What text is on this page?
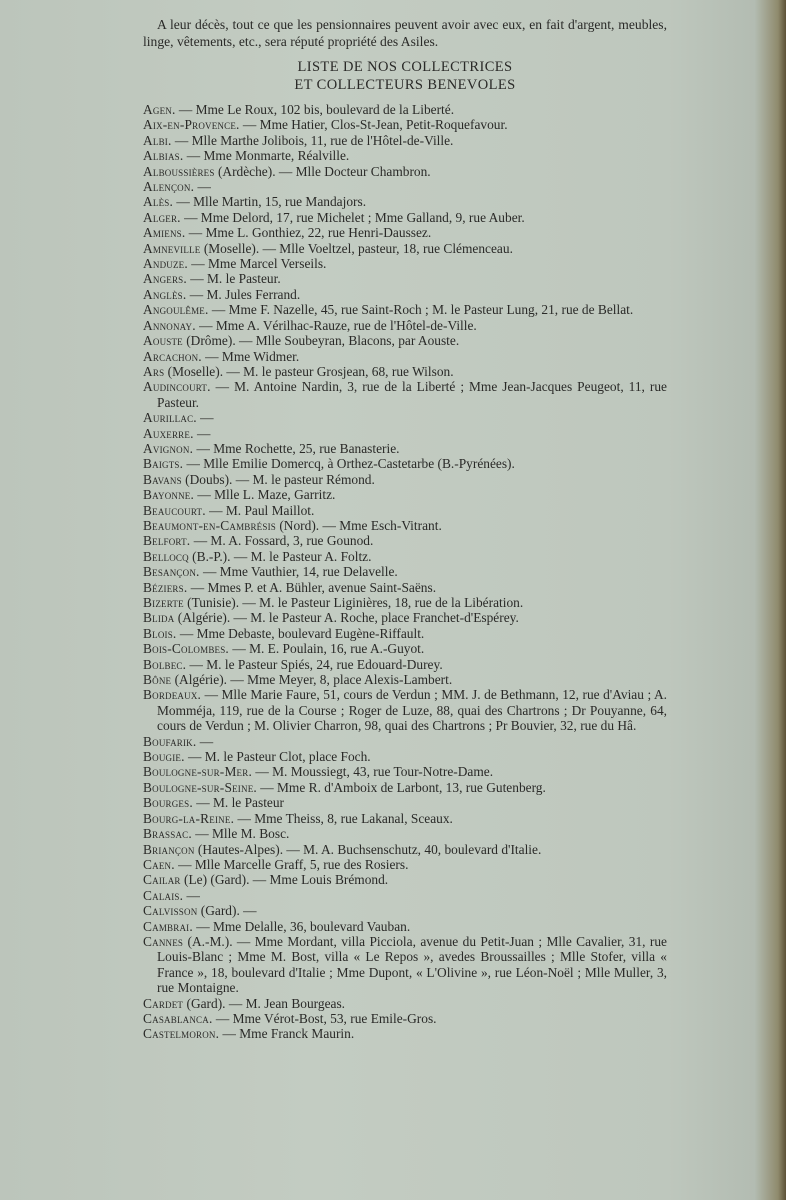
A leur décès, tout ce que les pensionnaires peuvent avoir avec eux, en fait d'argent, meubles, linge, vêtements, etc., sera réputé propriété des Asiles.

LISTE DE NOS COLLECTRICES
ET COLLECTEURS BENEVOLES

Agen. — Mme Le Roux, 102 bis, boulevard de la Liberté.

Aix-en-Provence. — Mme Hatier, Clos-St-Jean, Petit-Roquefavour.

Albi. — Mlle Marthe Jolibois, 11, rue de l'Hôtel-de-Ville.

Albias. — Mme Monmarte, Réalville.

Alboussières (Ardèche). — Mlle Docteur Chambron.

Alençon. —

Alès. — Mlle Martin, 15, rue Mandajors.

Alger. — Mme Delord, 17, rue Michelet ; Mme Galland, 9, rue Auber.

Amiens. — Mme L. Gonthiez, 22, rue Henri-Daussez.

Amneville (Moselle). — Mlle Voeltzel, pasteur, 18, rue Clémenceau.

Anduze. — Mme Marcel Verseils.

Angers. — M. le Pasteur.

Anglès. — M. Jules Ferrand.

Angoulême. — Mme F. Nazelle, 45, rue Saint-Roch ; M. le Pasteur Lung, 21, rue de Bellat.

Annonay. — Mme A. Vérilhac-Rauze, rue de l'Hôtel-de-Ville.

Aouste (Drôme). — Mlle Soubeyran, Blacons, par Aouste.

Arcachon. — Mme Widmer.

Ars (Moselle). — M. le pasteur Grosjean, 68, rue Wilson.

Audincourt. — M. Antoine Nardin, 3, rue de la Liberté ; Mme Jean-Jacques Peugeot, 11, rue Pasteur.

Aurillac. —

Auxerre. —

Avignon. — Mme Rochette, 25, rue Banasterie.

Baigts. — Mlle Emilie Domercq, à Orthez-Castetarbe (B.-Pyrénées).

Bavans (Doubs). — M. le pasteur Rémond.

Bayonne. — Mlle L. Maze, Garritz.

Beaucourt. — M. Paul Maillot.

Beaumont-en-Cambrésis (Nord). — Mme Esch-Vitrant.

Belfort. — M. A. Fossard, 3, rue Gounod.

Bellocq (B.-P.). — M. le Pasteur A. Foltz.

Besançon. — Mme Vauthier, 14, rue Delavelle.

Béziers. — Mmes P. et A. Bühler, avenue Saint-Saëns.

Bizerte (Tunisie). — M. le Pasteur Liginières, 18, rue de la Libération.

Blida (Algérie). — M. le Pasteur A. Roche, place Franchet-d'Espérey.

Blois. — Mme Debaste, boulevard Eugène-Riffault.

Bois-Colombes. — M. E. Poulain, 16, rue A.-Guyot.

Bolbec. — M. le Pasteur Spiés, 24, rue Edouard-Durey.

Bône (Algérie). — Mme Meyer, 8, place Alexis-Lambert.

Bordeaux. — Mlle Marie Faure, 51, cours de Verdun ; MM. J. de Bethmann, 12, rue d'Aviau ; A. Momméja, 119, rue de la Course ; Roger de Luze, 88, quai des Chartrons ; Dr Pouyanne, 64, cours de Verdun ; M. Olivier Charron, 98, quai des Chartrons ; Pr Bouvier, 32, rue du Hâ.

Boufarik. —

Bougie. — M. le Pasteur Clot, place Foch.

Boulogne-sur-Mer. — M. Moussiegt, 43, rue Tour-Notre-Dame.

Boulogne-sur-Seine. — Mme R. d'Amboix de Larbont, 13, rue Gutenberg.

Bourges. — M. le Pasteur

Bourg-la-Reine. — Mme Theiss, 8, rue Lakanal, Sceaux.

Brassac. — Mlle M. Bosc.

Briançon (Hautes-Alpes). — M. A. Buchsenschutz, 40, boulevard d'Italie.

Caen. — Mlle Marcelle Graff, 5, rue des Rosiers.

Cailar (Le) (Gard). — Mme Louis Brémond.

Calais. —

Calvisson (Gard). —

Cambrai. — Mme Delalle, 36, boulevard Vauban.

Cannes (A.-M.). — Mme Mordant, villa Picciola, avenue du Petit-Juan ; Mlle Cavalier, 31, rue Louis-Blanc ; Mme M. Bost, villa « Le Repos », avedes Broussailles ; Mlle Stofer, villa « France », 18, boulevard d'Italie ; Mme Dupont, « L'Olivine », rue Léon-Noël ; Mlle Muller, 3, rue Montaigne.

Cardet (Gard). — M. Jean Bourgeas.

Casablanca. — Mme Vérot-Bost, 53, rue Emile-Gros.

Castelmoron. — Mme Franck Maurin.
